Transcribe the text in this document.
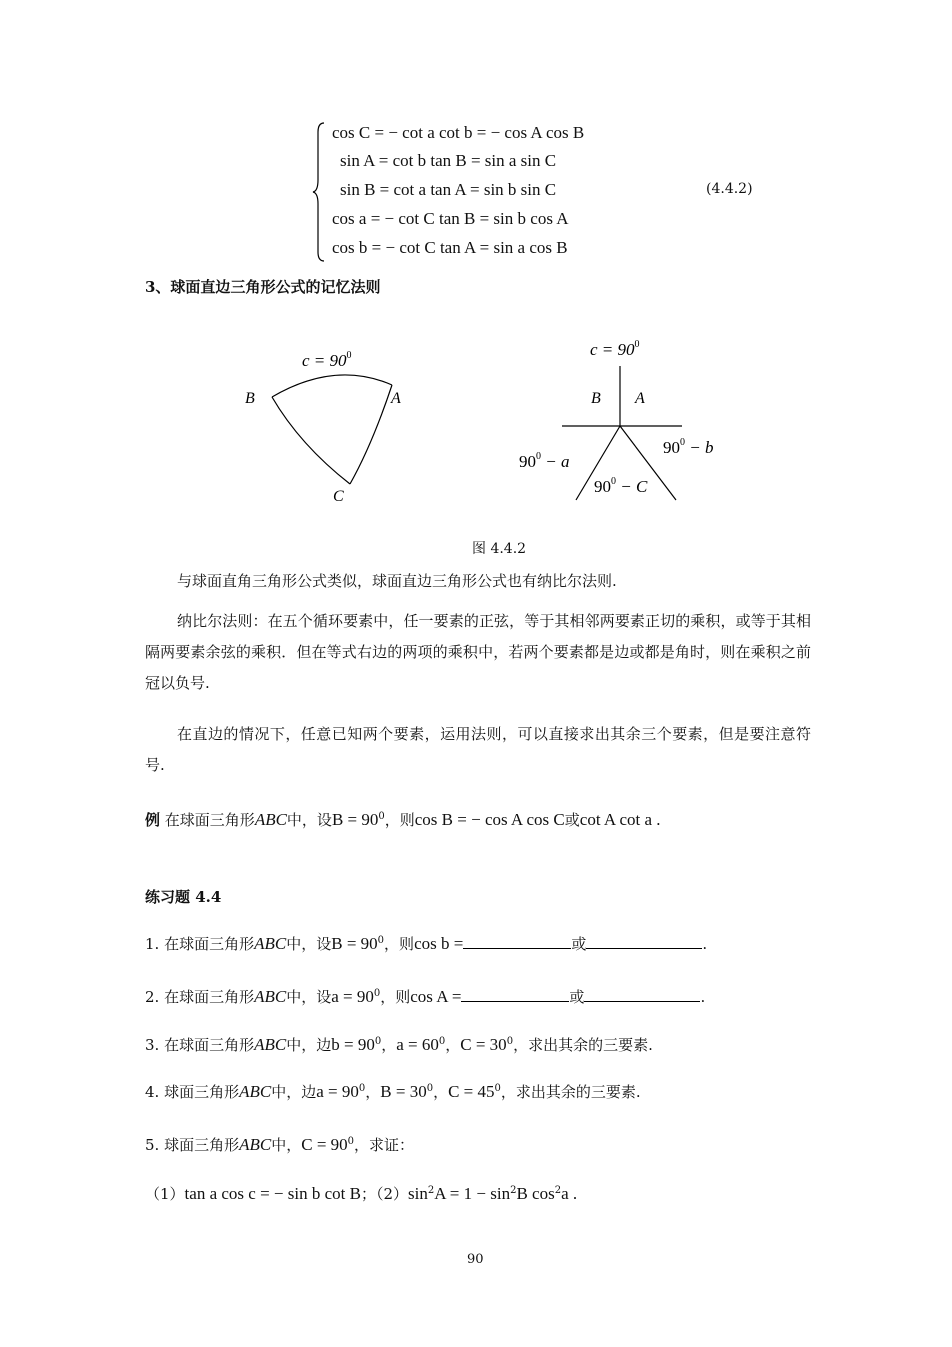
cos C = − cot a cot b = − cos A cos B
sin A = cot b tan B = sin a sin C
sin B = cot a tan A = sin b sin C
cos a = − cot C tan B = sin b cos A
cos b = − cot C tan A = sin a cos B
(4.4.2)
3、球面直边三角形公式的记忆法则
$c = 90^0$
B	A
C
$c = 90^0$
B A
$90^0 - a$
$90^0 - b$
$90^0 - C$
图 4.4.2
与球面直角三角形公式类似，球面直边三角形公式也有纳比尔法则.
纳比尔法则：在五个循环要素中，任一要素的正弦，等于其相邻两要素正切的乘积，或等于其相隔两要素余弦的乘积．但在等式右边的两项的乘积中，若两个要素都是边或都是角时，则在乘积之前冠以负号.
在直边的情况下，任意已知两个要素，运用法则，可以直接求出其余三个要素，但是要注意符号.
例 在球面三角形ABC中，设$B = 90^0$，则cos B = − cos A cos C或cot A cot a .
练习题 4.4
1. 在球面三角形ABC中，设$B = 90^0$，则cos b =	或	.
2. 在球面三角形ABC中，设$a = 90^0$，则cos A =	或	.
3. 在球面三角形ABC中，边$b = 90^0$，$a = 60^0$，$C = 30^0$，求出其余的三要素.
4. 球面三角形ABC中，边$a = 90^0$，$B = 30^0$，$C = 45^0$，求出其余的三要素.
5. 球面三角形ABC中，$C = 90^0$，求证：
（1）tan a cos c = − sin b cot B；$(2)\sin^2A = 1 - \sin^2B$ $\cos^2a$ .
90
